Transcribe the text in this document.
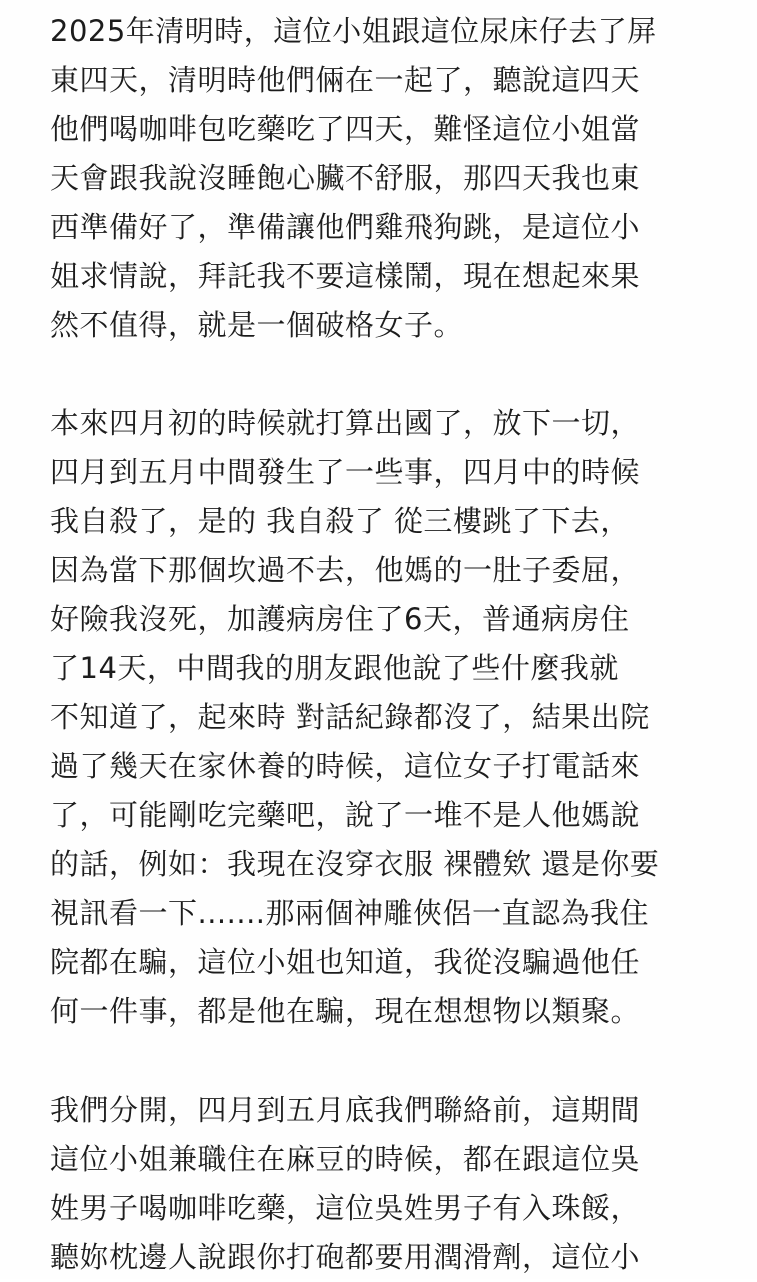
2025年清明時，這位小姐跟這位尿床仔去了屏
東四天，清明時他們倆在一起了，聽說這四天
他們喝咖啡包吃藥吃了四天，難怪這位小姐當
天會跟我說沒睡飽心臟不舒服，那四天我也東
西準備好了，準備讓他們雞飛狗跳，是這位小
姐求情說，拜託我不要這樣鬧，現在想起來果
然不值得，就是一個破格女子。

本來四月初的時候就打算出國了，放下一切，
四月到五月中間發生了一些事，四月中的時候
我自殺了，是的 我自殺了 從三樓跳了下去，
因為當下那個坎過不去，他媽的一肚子委屈，
好險我沒死，加護病房住了6天，普通病房住
了14天，中間我的朋友跟他說了些什麼我就
不知道了，起來時 對話紀錄都沒了，結果出院
過了幾天在家休養的時候，這位女子打電話來
了，可能剛吃完藥吧，說了一堆不是人他媽說
的話，例如：我現在沒穿衣服 裸體欸 還是你要
視訊看一下.......那兩個神雕俠侶一直認為我住
院都在騙，這位小姐也知道，我從沒騙過他任
何一件事，都是他在騙，現在想想物以類聚。

我們分開，四月到五月底我們聯絡前，這期間
這位小姐兼職住在麻豆的時候，都在跟這位吳
姓男子喝咖啡吃藥，這位吳姓男子有入珠餒，
聽妳枕邊人說跟你打砲都要用潤滑劑，這位小
